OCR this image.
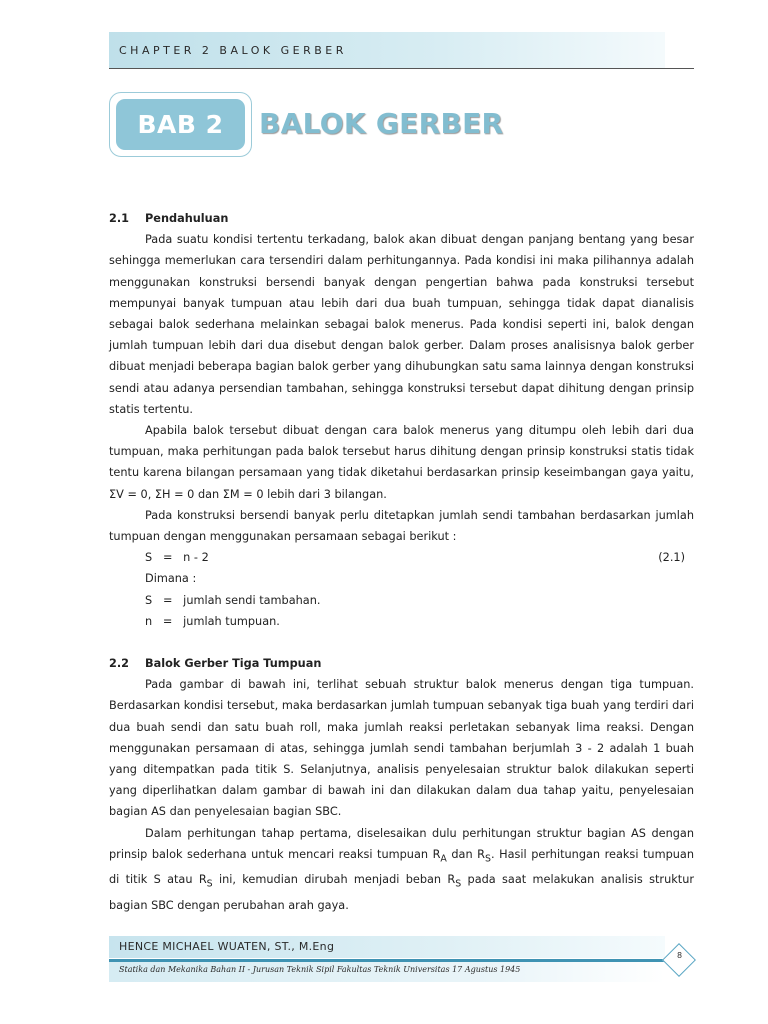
CHAPTER 2 BALOK GERBER
BAB 2 BALOK GERBER

2.1 Pendahuluan

Pada suatu kondisi tertentu terkadang, balok akan dibuat dengan panjang bentang yang besar sehingga memerlukan cara tersendiri dalam perhitungannya. Pada kondisi ini maka pilihannya adalah menggunakan konstruksi bersendi banyak dengan pengertian bahwa pada konstruksi tersebut mempunyai banyak tumpuan atau lebih dari dua buah tumpuan, sehingga tidak dapat dianalisis sebagai balok sederhana melainkan sebagai balok menerus. Pada kondisi seperti ini, balok dengan jumlah tumpuan lebih dari dua disebut dengan balok gerber. Dalam proses analisisnya balok gerber dibuat menjadi beberapa bagian balok gerber yang dihubungkan satu sama lainnya dengan konstruksi sendi atau adanya persendian tambahan, sehingga konstruksi tersebut dapat dihitung dengan prinsip statis tertentu.

Apabila balok tersebut dibuat dengan cara balok menerus yang ditumpu oleh lebih dari dua tumpuan, maka perhitungan pada balok tersebut harus dihitung dengan prinsip konstruksi statis tidak tentu karena bilangan persamaan yang tidak diketahui berdasarkan prinsip keseimbangan gaya yaitu, ΣV = 0, ΣH = 0 dan ΣM = 0 lebih dari 3 bilangan.

Pada konstruksi bersendi banyak perlu ditetapkan jumlah sendi tambahan berdasarkan jumlah tumpuan dengan menggunakan persamaan sebagai berikut :

S   =   n - 2	(2.1)

Dimana :

S   =   jumlah sendi tambahan.

n   =   jumlah tumpuan.

2.2 Balok Gerber Tiga Tumpuan

Pada gambar di bawah ini, terlihat sebuah struktur balok menerus dengan tiga tumpuan. Berdasarkan kondisi tersebut, maka berdasarkan jumlah tumpuan sebanyak tiga buah yang terdiri dari dua buah sendi dan satu buah roll, maka jumlah reaksi perletakan sebanyak lima reaksi. Dengan menggunakan persamaan di atas, sehingga jumlah sendi tambahan berjumlah 3 - 2 adalah 1 buah yang ditempatkan pada titik S. Selanjutnya, analisis penyelesaian struktur balok dilakukan seperti yang diperlihatkan dalam gambar di bawah ini dan dilakukan dalam dua tahap yaitu, penyelesaian bagian AS dan penyelesaian bagian SBC.

Dalam perhitungan tahap pertama, diselesaikan dulu perhitungan struktur bagian AS dengan prinsip balok sederhana untuk mencari reaksi tumpuan $R_A$ dan $R_S$. Hasil perhitungan reaksi tumpuan di titik S atau $R_S$ ini, kemudian dirubah menjadi beban $R_S$ pada saat melakukan analisis struktur bagian SBC dengan perubahan arah gaya.

HENCE MICHAEL WUATEN, ST., M.Eng
Statika dan Mekanika Bahan II - Jurusan Teknik Sipil Fakultas Teknik Universitas 17 Agustus 1945
8
